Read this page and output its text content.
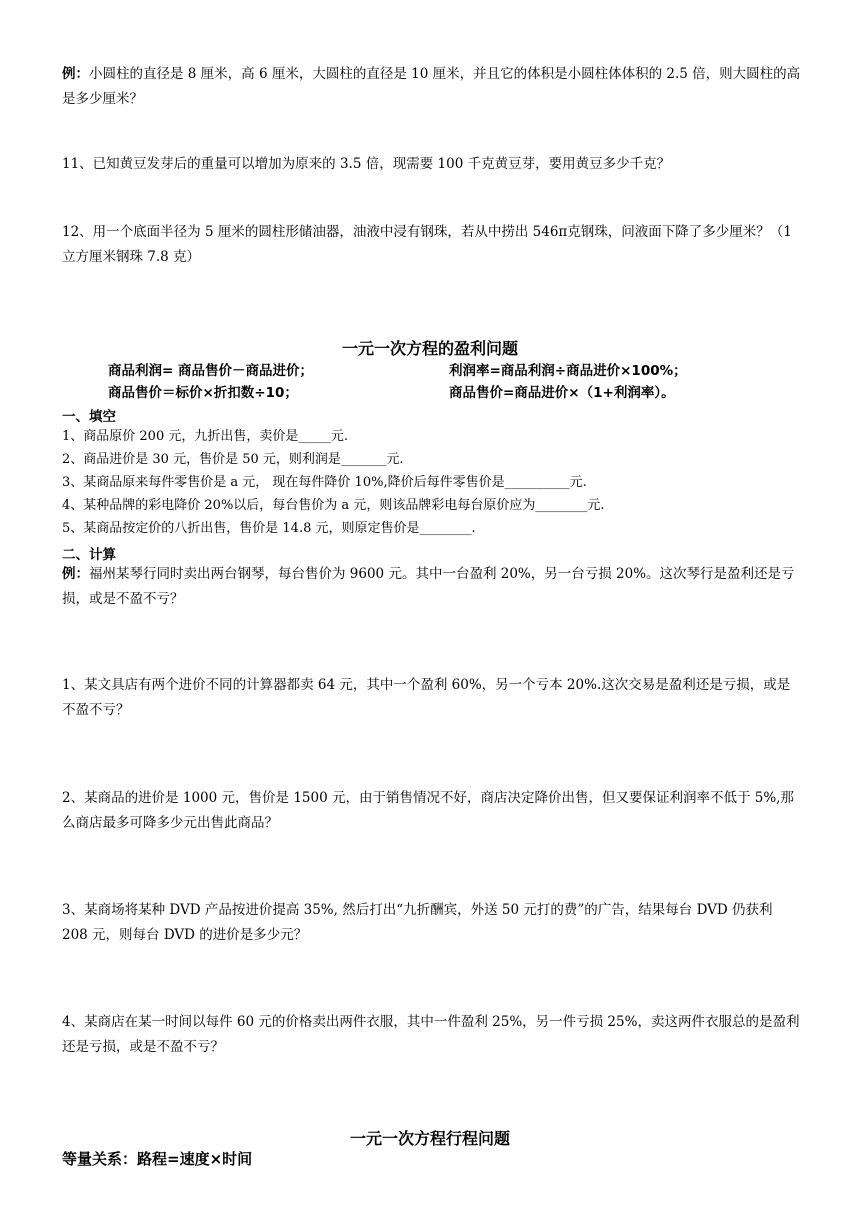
例：小圆柱的直径是 8 厘米，高 6 厘米，大圆柱的直径是 10 厘米，并且它的体积是小圆柱体体积的 2.5 倍，则大圆柱的高是多少厘米？

11、已知黄豆发芽后的重量可以增加为原来的 3.5 倍，现需要 100 千克黄豆芽，要用黄豆多少千克？

12、用一个底面半径为 5 厘米的圆柱形储油器，油液中浸有钢珠，若从中捞出 546π克钢珠，问液面下降了多少厘米？（1 立方厘米钢珠 7.8 克）

一元一次方程的盈利问题

商品利润= 商品售价－商品进价；	利润率=商品利润÷商品进价×100%；

商品售价＝标价×折扣数÷10；	商品售价=商品进价×（1+利润率）。

一、填空

1、商品原价 200 元，九折出售，卖价是_____元.

2、商品进价是 30 元，售价是 50 元，则利润是_______元.

3、某商品原来每件零售价是 a 元， 现在每件降价 10%,降价后每件零售价是__________元.

4、某种品牌的彩电降价 20%以后，每台售价为 a 元，则该品牌彩电每台原价应为________元.

5、某商品按定价的八折出售，售价是 14.8 元，则原定售价是________.

二、计算

例：福州某琴行同时卖出两台钢琴，每台售价为 9600 元。其中一台盈利 20%，另一台亏损 20%。这次琴行是盈利还是亏损，或是不盈不亏？

1、某文具店有两个进价不同的计算器都卖 64 元，其中一个盈利 60%，另一个亏本 20%.这次交易是盈利还是亏损，或是不盈不亏？

2、某商品的进价是 1000 元，售价是 1500 元，由于销售情况不好，商店决定降价出售，但又要保证利润率不低于 5%,那么商店最多可降多少元出售此商品？

3、某商场将某种 DVD 产品按进价提高 35%, 然后打出“九折酬宾，外送 50 元打的费”的广告，结果每台 DVD 仍获利 208 元，则每台 DVD 的进价是多少元？

4、某商店在某一时间以每件 60 元的价格卖出两件衣服，其中一件盈利 25%，另一件亏损 25%，卖这两件衣服总的是盈利还是亏损，或是不盈不亏？

一元一次方程行程问题

等量关系：路程=速度×时间
